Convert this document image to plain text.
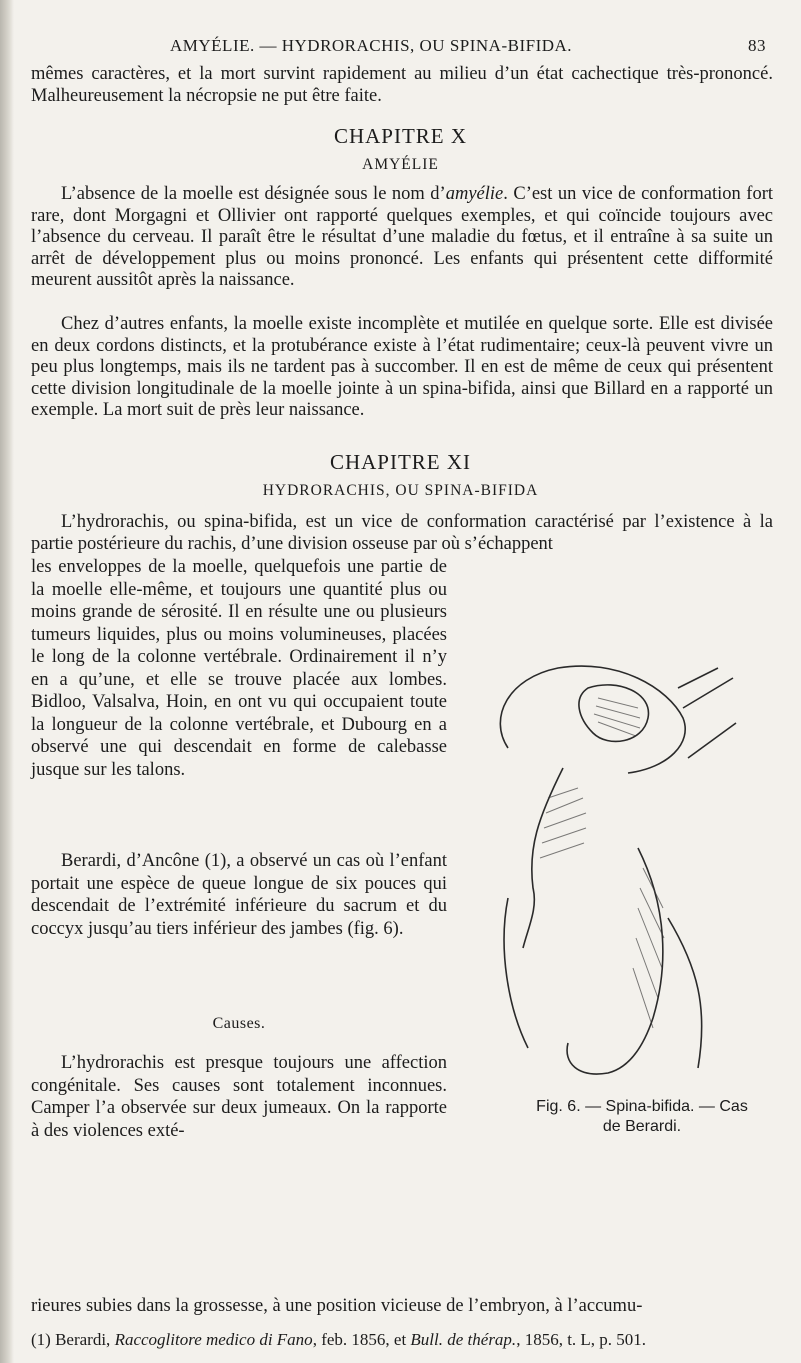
AMYÉLIE. — HYDRORACHIS, OU SPINA-BIFIDA.	83

mêmes caractères, et la mort survint rapidement au milieu d’un état cachectique très-prononcé. Malheureusement la nécropsie ne put être faite.

CHAPITRE X
AMYÉLIE

L’absence de la moelle est désignée sous le nom d’amyélie. C’est un vice de conformation fort rare, dont Morgagni et Ollivier ont rapporté quelques exemples, et qui coïncide toujours avec l’absence du cerveau. Il paraît être le résultat d’une maladie du fœtus, et il entraîne à sa suite un arrêt de développement plus ou moins prononcé. Les enfants qui présentent cette difformité meurent aussitôt après la naissance.

Chez d’autres enfants, la moelle existe incomplète et mutilée en quelque sorte. Elle est divisée en deux cordons distincts, et la protubérance existe à l’état rudimentaire; ceux-là peuvent vivre un peu plus longtemps, mais ils ne tardent pas à succomber. Il en est de même de ceux qui présentent cette division longitudinale de la moelle jointe à un spina-bifida, ainsi que Billard en a rapporté un exemple. La mort suit de près leur naissance.

CHAPITRE XI
HYDRORACHIS, OU SPINA-BIFIDA

L’hydrorachis, ou spina-bifida, est un vice de conformation caractérisé par l’existence à la partie postérieure du rachis, d’une division osseuse par où s’échappent

les enveloppes de la moelle, quelquefois une partie de la moelle elle-même, et toujours une quantité plus ou moins grande de sérosité. Il en résulte une ou plusieurs tumeurs liquides, plus ou moins volumineuses, placées le long de la colonne vertébrale. Ordinairement il n’y en a qu’une, et elle se trouve placée aux lombes. Bidloo, Valsalva, Hoin, en ont vu qui occupaient toute la longueur de la colonne vertébrale, et Dubourg en a observé une qui descendait en forme de calebasse jusque sur les talons.

Berardi, d’Ancône (1), a observé un cas où l’enfant portait une espèce de queue longue de six pouces qui descendait de l’extrémité inférieure du sacrum et du coccyx jusqu’au tiers inférieur des jambes (fig. 6).

Causes.

L’hydrorachis est presque toujours une affection congénitale. Ses causes sont totalement inconnues. Camper l’a observée sur deux jumeaux. On la rapporte à des violences exté-

rieures subies dans la grossesse, à une position vicieuse de l’embryon, à l’accumu-

Fig. 6. — Spina-bifida. — Cas
de Berardi.
(1) Berardi, Raccoglitore medico di Fano, feb. 1856, et Bull. de thérap., 1856, t. L, p. 501.
